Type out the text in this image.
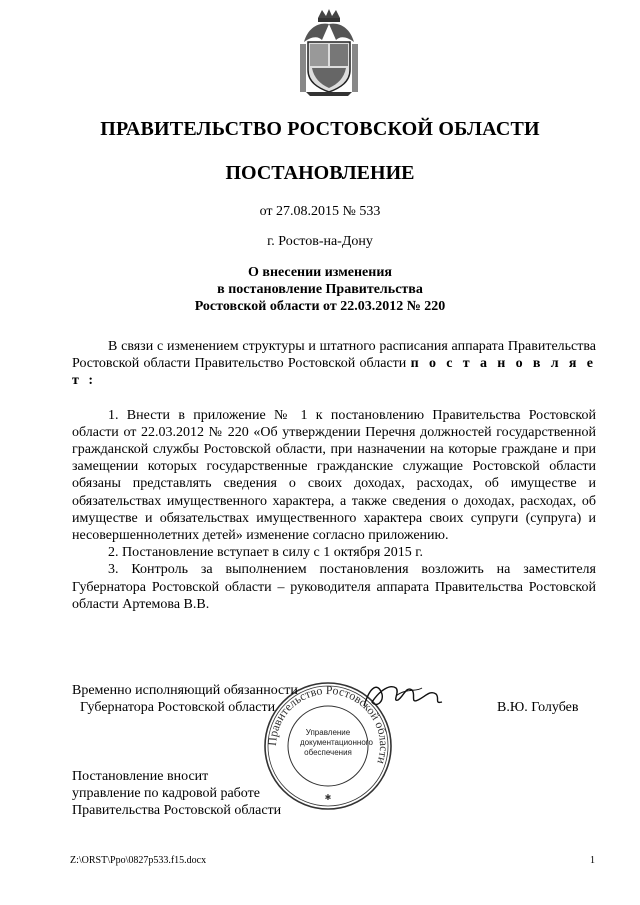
ПРАВИТЕЛЬСТВО РОСТОВСКОЙ ОБЛАСТИ
ПОСТАНОВЛЕНИЕ
от 27.08.2015 № 533
г. Ростов-на-Дону
О внесении изменения
в постановление Правительства
Ростовской области от 22.03.2012 № 220

В связи с изменением структуры и штатного расписания аппарата Правительства Ростовской области Правительство Ростовской области п о с т а н о в л я е т :

1. Внести в приложение № 1 к постановлению Правительства Ростовской области от 22.03.2012 № 220 «Об утверждении Перечня должностей государственной гражданской службы Ростовской области, при назначении на которые граждане и при замещении которых государственные гражданские служащие Ростовской области обязаны представлять сведения о своих доходах, расходах, об имуществе и обязательствах имущественного характера, а также сведения о доходах, расходах, об имуществе и обязательствах имущественного характера своих супруги (супруга) и несовершеннолетних детей» изменение согласно приложению.

2. Постановление вступает в силу с 1 октября 2015 г.

3. Контроль за выполнением постановления возложить на заместителя Губернатора Ростовской области – руководителя аппарата Правительства Ростовской области Артемова В.В.

Правительство Ростовской области
✱
Управление
документационного
обеспечения
Временно исполняющий обязанности
Губернатора Ростовской области	В.Ю. Голубев
Постановление вносит
управление по кадровой работе
Правительства Ростовской области
Z:\ORST\Ppo\0827p533.f15.docx	1
